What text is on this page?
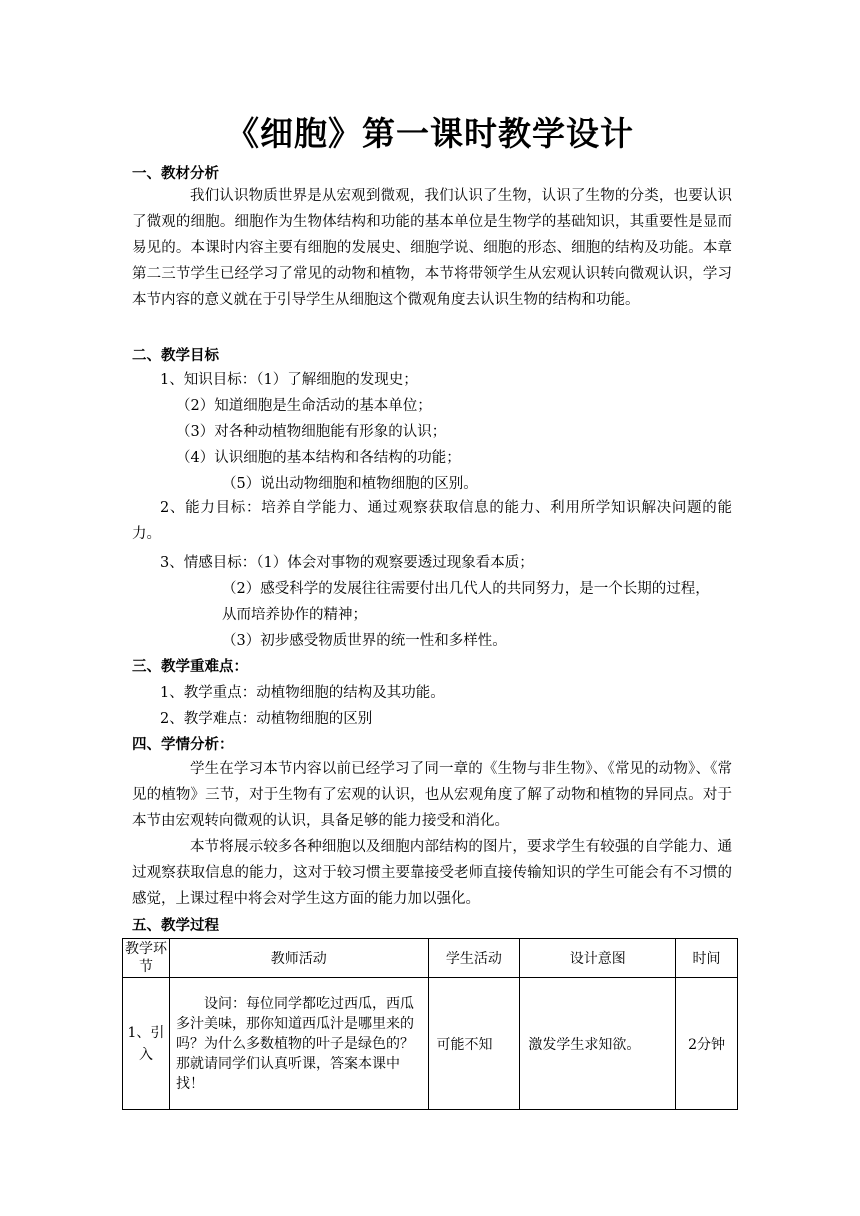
《细胞》第一课时教学设计
一、教材分析

我们认识物质世界是从宏观到微观，我们认识了生物，认识了生物的分类，也要认识了微观的细胞。细胞作为生物体结构和功能的基本单位是生物学的基础知识，其重要性是显而易见的。本课时内容主要有细胞的发展史、细胞学说、细胞的形态、细胞的结构及功能。本章第二三节学生已经学习了常见的动物和植物，本节将带领学生从宏观认识转向微观认识，学习本节内容的意义就在于引导学生从细胞这个微观角度去认识生物的结构和功能。

二、教学目标
1、知识目标：（1）了解细胞的发现史；
（2）知道细胞是生命活动的基本单位；
（3）对各种动植物细胞能有形象的认识；
（4）认识细胞的基本结构和各结构的功能；
（5）说出动物细胞和植物细胞的区别。

2、能力目标：培养自学能力、通过观察获取信息的能力、利用所学知识解决问题的能力。

3、情感目标：（1）体会对事物的观察要透过现象看本质；
（2）感受科学的发展往往需要付出几代人的共同努力，是一个长期的过程，
从而培养协作的精神；
（3）初步感受物质世界的统一性和多样性。
三、教学重难点：
1、教学重点：动植物细胞的结构及其功能。
2、教学难点：动植物细胞的区别
四、学情分析：

学生在学习本节内容以前已经学习了同一章的《生物与非生物》、《常见的动物》、《常见的植物》三节，对于生物有了宏观的认识，也从宏观角度了解了动物和植物的异同点。对于本节由宏观转向微观的认识，具备足够的能力接受和消化。

本节将展示较多各种细胞以及细胞内部结构的图片，要求学生有较强的自学能力、通过观察获取信息的能力，这对于较习惯主要靠接受老师直接传输知识的学生可能会有不习惯的感觉，上课过程中将会对学生这方面的能力加以强化。

五、教学过程
教学环节	教师活动	学生活动	设计意图	时间
1、引入	设问：每位同学都吃过西瓜，西瓜多汁美味，那你知道西瓜汁是哪里来的吗？为什么多数植物的叶子是绿色的？那就请同学们认真听课，答案本课中找！	可能不知	激发学生求知欲。	2分钟
